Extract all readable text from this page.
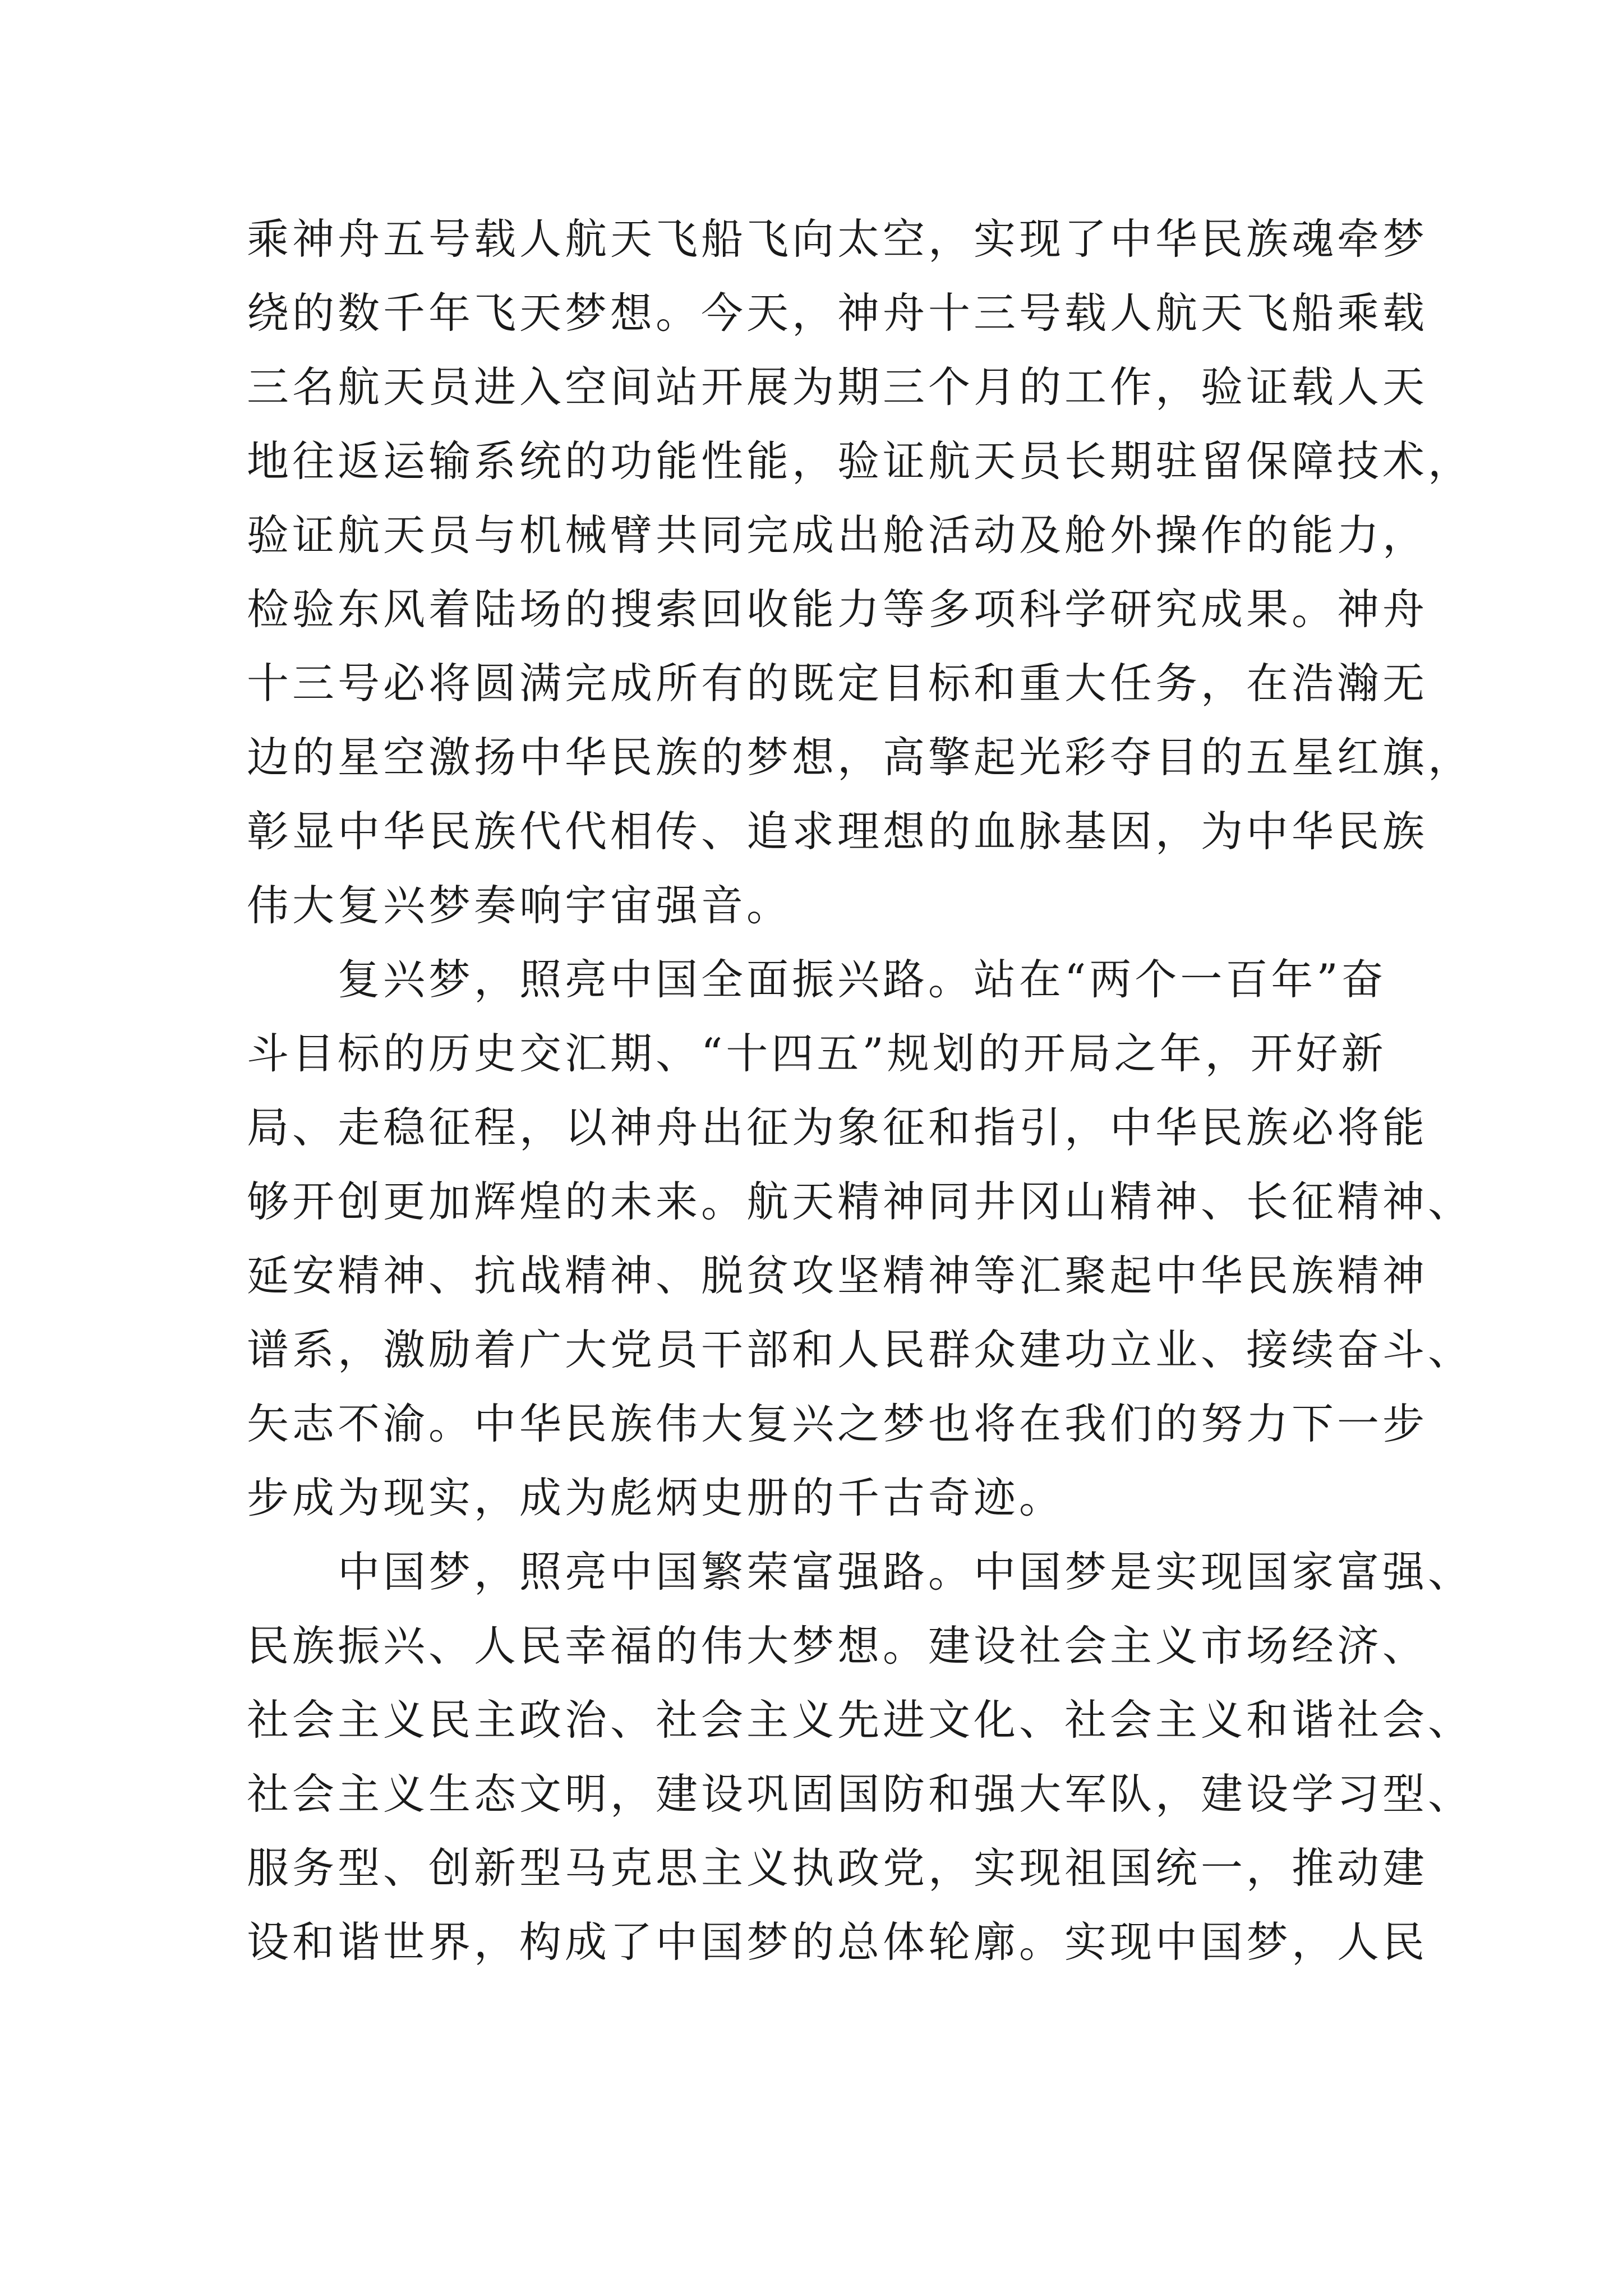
乘神舟五号载人航天飞船飞向太空，实现了中华民族魂牵梦
绕的数千年飞天梦想。今天，神舟十三号载人航天飞船乘载
三名航天员进入空间站开展为期三个月的工作，验证载人天
地往返运输系统的功能性能，验证航天员长期驻留保障技术，
验证航天员与机械臂共同完成出舱活动及舱外操作的能力，
检验东风着陆场的搜索回收能力等多项科学研究成果。神舟
十三号必将圆满完成所有的既定目标和重大任务，在浩瀚无
边的星空激扬中华民族的梦想，高擎起光彩夺目的五星红旗，
彰显中华民族代代相传、追求理想的血脉基因，为中华民族
伟大复兴梦奏响宇宙强音。
复兴梦，照亮中国全面振兴路。站在“两个一百年”奋
斗目标的历史交汇期、“十四五”规划的开局之年，开好新
局、走稳征程，以神舟出征为象征和指引，中华民族必将能
够开创更加辉煌的未来。航天精神同井冈山精神、长征精神、
延安精神、抗战精神、脱贫攻坚精神等汇聚起中华民族精神
谱系，激励着广大党员干部和人民群众建功立业、接续奋斗、
矢志不渝。中华民族伟大复兴之梦也将在我们的努力下一步
步成为现实，成为彪炳史册的千古奇迹。
中国梦，照亮中国繁荣富强路。中国梦是实现国家富强、
民族振兴、人民幸福的伟大梦想。建设社会主义市场经济、
社会主义民主政治、社会主义先进文化、社会主义和谐社会、
社会主义生态文明，建设巩固国防和强大军队，建设学习型、
服务型、创新型马克思主义执政党，实现祖国统一，推动建
设和谐世界，构成了中国梦的总体轮廓。实现中国梦，人民
